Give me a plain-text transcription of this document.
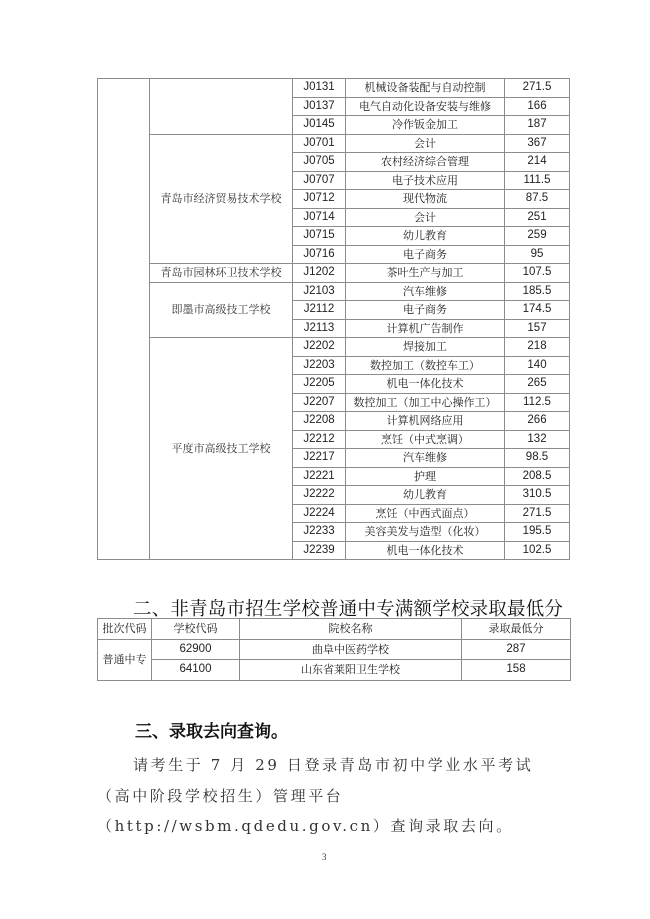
		J0131	机械设备装配与自动控制	271.5
		J0137	电气自动化设备安装与维修	166
		J0145	冷作钣金加工	187
	青岛市经济贸易技术学校	J0701	会计	367
		J0705	农村经济综合管理	214
		J0707	电子技术应用	111.5
		J0712	现代物流	87.5
		J0714	会计	251
		J0715	幼儿教育	259
		J0716	电子商务	95
	青岛市园林环卫技术学校	J1202	茶叶生产与加工	107.5
	即墨市高级技工学校	J2103	汽车维修	185.5
		J2112	电子商务	174.5
		J2113	计算机广告制作	157
	平度市高级技工学校	J2202	焊接加工	218
		J2203	数控加工（数控车工）	140
		J2205	机电一体化技术	265
		J2207	数控加工（加工中心操作工）	112.5
		J2208	计算机网络应用	266
		J2212	烹饪（中式烹调）	132
		J2217	汽车维修	98.5
		J2221	护理	208.5
		J2222	幼儿教育	310.5
		J2224	烹饪（中西式面点）	271.5
		J2233	美容美发与造型（化妆）	195.5
		J2239	机电一体化技术	102.5
二、非青岛市招生学校普通中专满额学校录取最低分
批次代码	学校代码	院校名称	录取最低分
普通中专	62900	曲阜中医药学校	287
	64100	山东省莱阳卫生学校	158
三、录取去向查询。
请考生于 7 月 29 日登录青岛市初中学业水平考试（高中阶段学校招生）管理平台（http://wsbm.qdedu.gov.cn）查询录取去向。
3
